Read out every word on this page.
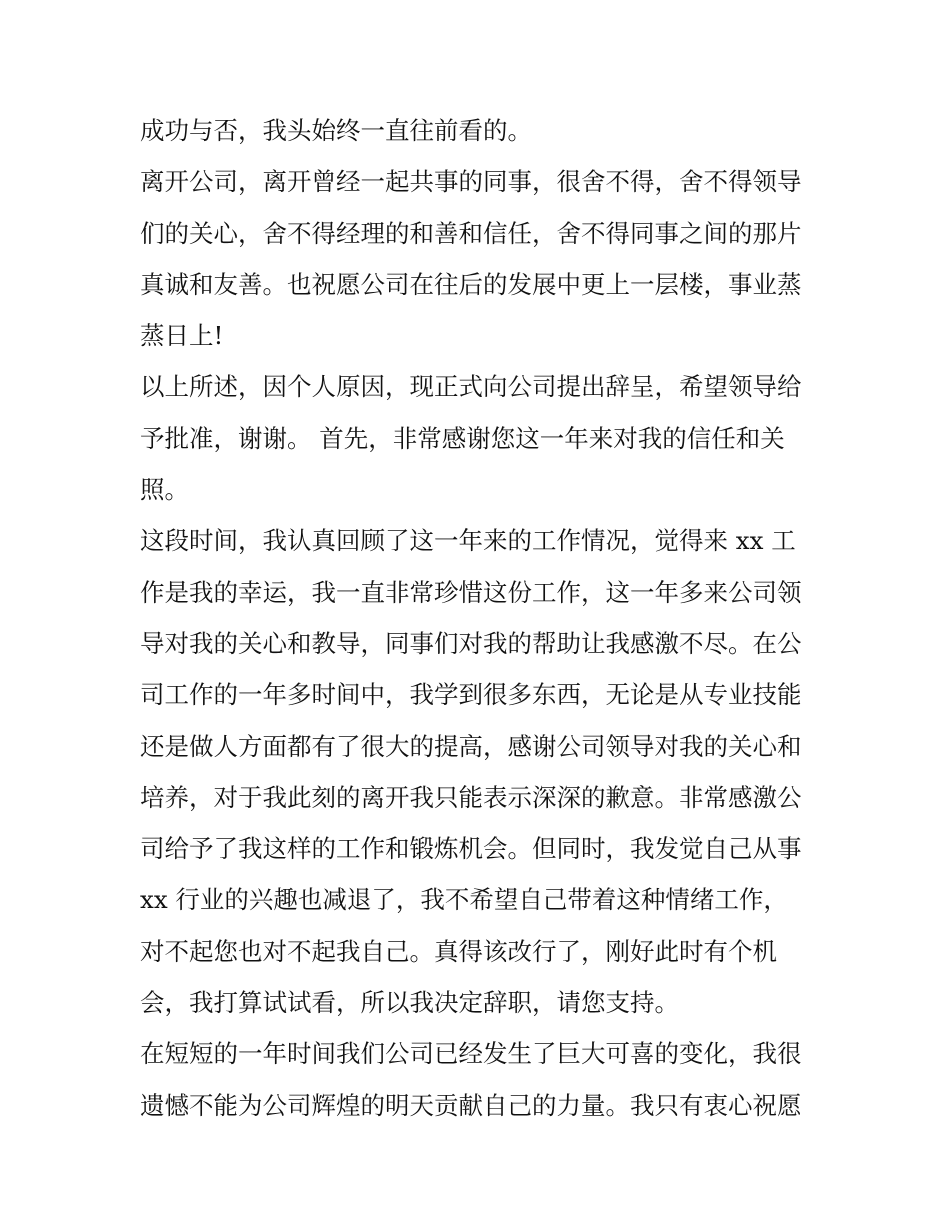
成功与否，我头始终一直往前看的。
离开公司，离开曾经一起共事的同事，很舍不得，舍不得领导
们的关心，舍不得经理的和善和信任，舍不得同事之间的那片
真诚和友善。也祝愿公司在往后的发展中更上一层楼，事业蒸
蒸日上!
以上所述，因个人原因，现正式向公司提出辞呈，希望领导给
予批准，谢谢。 首先，非常感谢您这一年来对我的信任和关
照。
这段时间，我认真回顾了这一年来的工作情况，觉得来 xx 工
作是我的幸运，我一直非常珍惜这份工作，这一年多来公司领
导对我的关心和教导，同事们对我的帮助让我感激不尽。在公
司工作的一年多时间中，我学到很多东西，无论是从专业技能
还是做人方面都有了很大的提高，感谢公司领导对我的关心和
培养，对于我此刻的离开我只能表示深深的歉意。非常感激公
司给予了我这样的工作和锻炼机会。但同时，我发觉自己从事
xx 行业的兴趣也减退了，我不希望自己带着这种情绪工作，
对不起您也对不起我自己。真得该改行了，刚好此时有个机
会，我打算试试看，所以我决定辞职，请您支持。
在短短的一年时间我们公司已经发生了巨大可喜的变化，我很
遗憾不能为公司辉煌的明天贡献自己的力量。我只有衷心祝愿
